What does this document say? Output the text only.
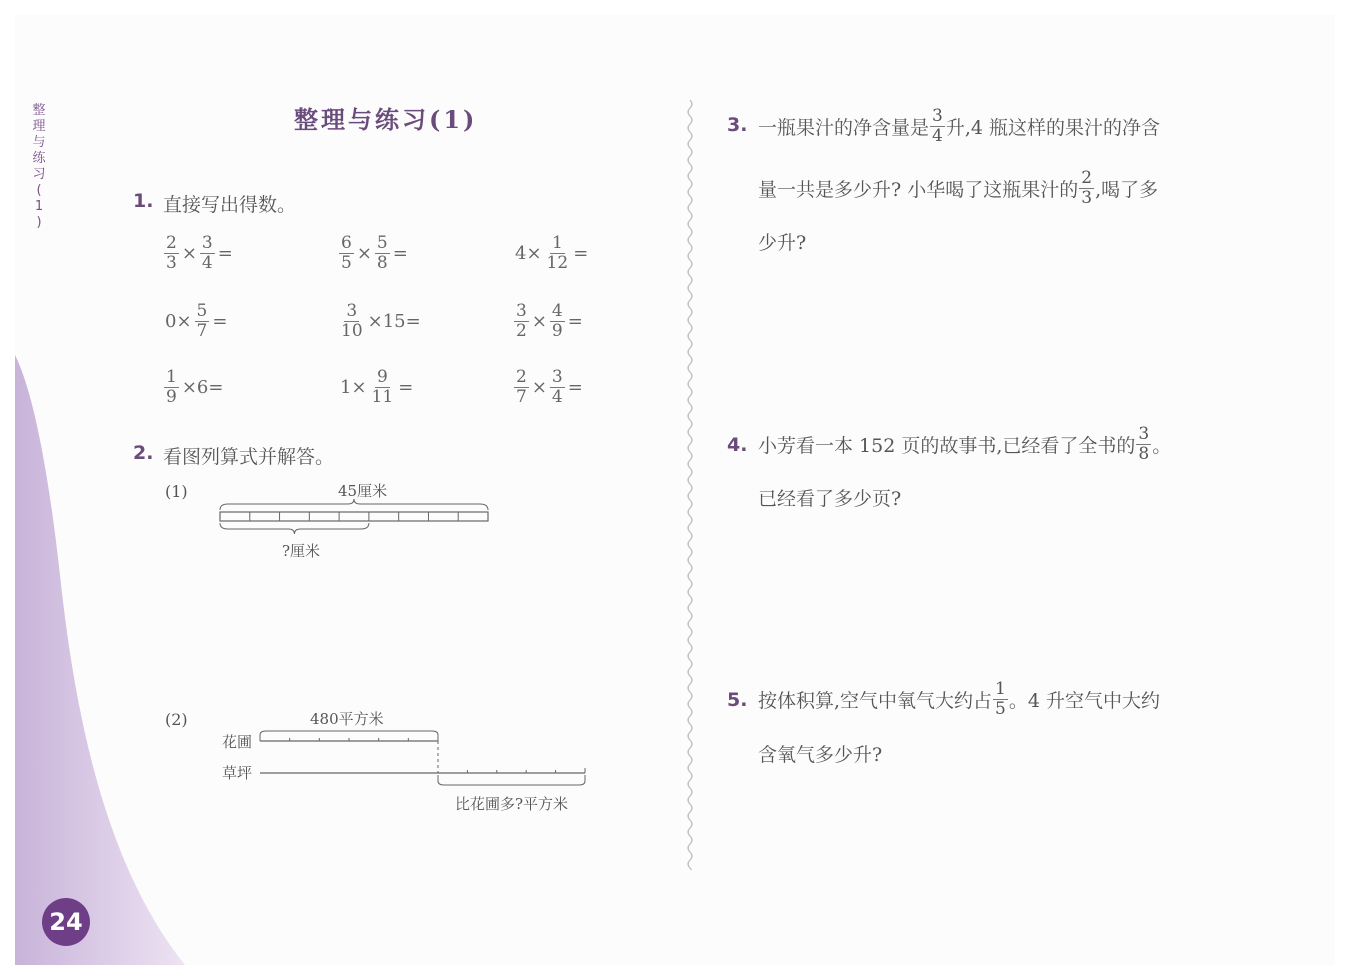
整
理
与
练
习
(
1
)
24
整理与练习(1)
1. 直接写出得数。
$\frac{2}{3} \times \frac{3}{4}$ =	$\frac{6}{5} \times \frac{5}{8}$ =	$4\times \frac{1}{12}$ =
$0\times \frac{5}{7}$ =	$\frac{3}{10} \times 15=$	$\frac{3}{2} \times \frac{4}{9}$ =
$\frac{1}{9} \times 6=$	$1\times \frac{9}{11}$ =	$\frac{2}{7} \times \frac{3}{4}$ =
2. 看图列算式并解答。
(1)	45厘米
?厘米
(2)	480平方米
花圃
草坪
比花圃多?平方米
3. 一瓶果汁的净含量是 $\frac{3}{4}$ 升,4 瓶这样的果汁的净含
量一共是多少升? 小华喝了这瓶果汁的 $\frac{2}{3}$ ,喝了多
少升?
4. 小芳看一本 152 页的故事书,已经看了全书的 $\frac{3}{8}$ 。
已经看了多少页?
5. 按体积算,空气中氧气大约占 $\frac{1}{5}$ 。4 升空气中大约
含氧气多少升?
